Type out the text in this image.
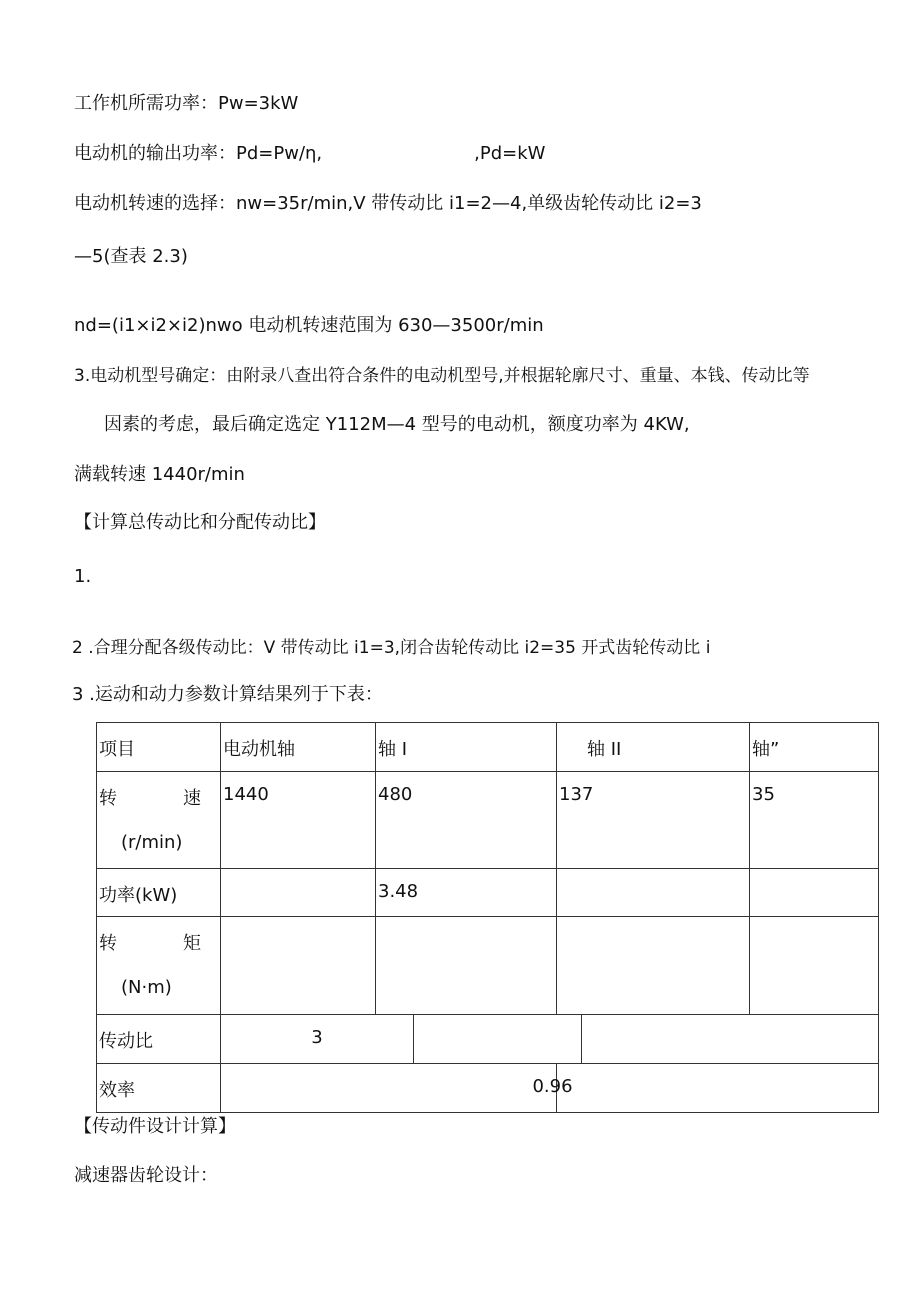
工作机所需功率：Pw=3kW
电动机的输出功率：Pd=Pw/η,	,Pd=kW
电动机转速的选择：nw=35r/min,V 带传动比 i1=2—4,单级齿轮传动比 i2=3
—5(查表 2.3)
nd=(i1×i2×i2)nwo 电动机转速范围为 630—3500r/min
3.电动机型号确定：由附录八查出符合条件的电动机型号,并根据轮廓尺寸、重量、本钱、传动比等
因素的考虑，最后确定选定 Y112M—4 型号的电动机，额度功率为 4KW,
满载转速 1440r/min
【计算总传动比和分配传动比】
1.
2 .合理分配各级传动比：V 带传动比 i1=3,闭合齿轮传动比 i2=35 开式齿轮传动比 i
3 .运动和动力参数计算结果列于下表：
项目	电动机轴	轴 I		轴 II		轴”

转 速
(r/min)	1440	480		137		35

功率(kW)		3.48				

转 矩
(N·m)						

传动比	3					

效率				0.96		
【传动件设计计算】
减速器齿轮设计：
